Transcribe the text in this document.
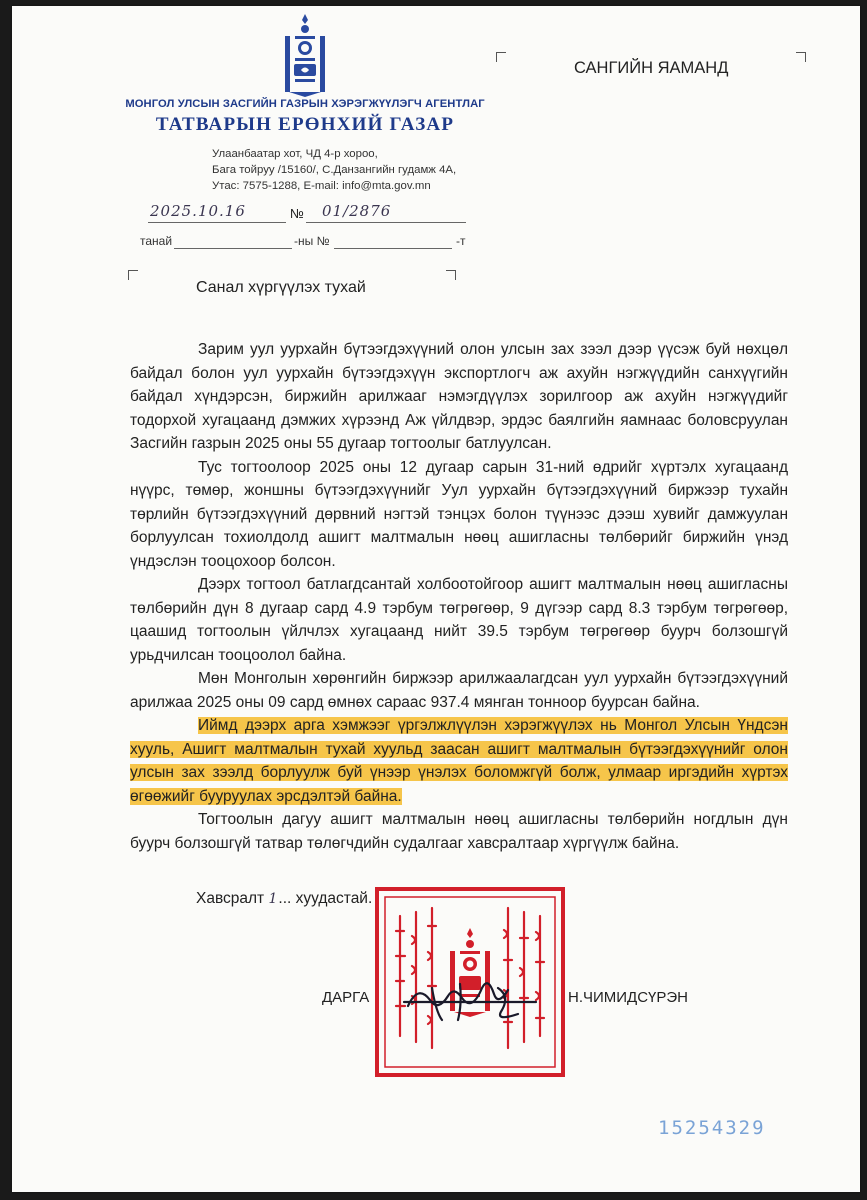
МОНГОЛ УЛСЫН ЗАСГИЙН ГАЗРЫН ХЭРЭГЖҮҮЛЭГЧ АГЕНТЛАГ
ТАТВАРЫН ЕРӨНХИЙ ГАЗАР
Улаанбаатар хот, ЧД 4-р хороо,
Бага тойруу /15160/, С.Данзангийн гудамж 4А,
Утас: 7575-1288, E-mail: info@mta.gov.mn
САНГИЙН ЯАМАНД
2025.10.16	№ 01/2876
танай	-ны №	-т
Санал хүргүүлэх тухай

Зарим уул уурхайн бүтээгдэхүүний олон улсын зах зээл дээр үүсэж буй нөхцөл байдал болон уул уурхайн бүтээгдэхүүн экспортлогч аж ахуйн нэгжүүдийн санхүүгийн байдал хүндэрсэн, биржийн арилжааг нэмэгдүүлэх зорилгоор аж ахуйн нэгжүүдийг тодорхой хугацаанд дэмжих хүрээнд Аж үйлдвэр, эрдэс баялгийн яамнаас боловсруулан Засгийн газрын 2025 оны 55 дугаар тогтоолыг батлуулсан.

Тус тогтоолоор 2025 оны 12 дугаар сарын 31-ний өдрийг хүртэлх хугацаанд нүүрс, төмөр, жоншны бүтээгдэхүүнийг Уул уурхайн бүтээгдэхүүний биржээр тухайн төрлийн бүтээгдэхүүний дөрвний нэгтэй тэнцэх болон түүнээс дээш хувийг дамжуулан борлуулсан тохиолдолд ашигт малтмалын нөөц ашигласны төлбөрийг биржийн үнэд үндэслэн тооцохоор болсон.

Дээрх тогтоол батлагдсантай холбоотойгоор ашигт малтмалын нөөц ашигласны төлбөрийн дүн 8 дугаар сард 4.9 тэрбум төгрөгөөр, 9 дүгээр сард 8.3 тэрбум төгрөгөөр, цаашид тогтоолын үйлчлэх хугацаанд нийт 39.5 тэрбум төгрөгөөр буурч болзошгүй урьдчилсан тооцоолол байна.

Мөн Монголын хөрөнгийн биржээр арилжаалагдсан уул уурхайн бүтээгдэхүүний арилжаа 2025 оны 09 сард өмнөх сараас 937.4 мянган тонноор буурсан байна.

Иймд дээрх арга хэмжээг үргэлжлүүлэн хэрэгжүүлэх нь Монгол Улсын Үндсэн хууль, Ашигт малтмалын тухай хуульд заасан ашигт малтмалын бүтээгдэхүүнийг олон улсын зах зээлд борлуулж буй үнээр үнэлэх боломжгүй болж, улмаар иргэдийн хүртэх өгөөжийг бууруулах эрсдэлтэй байна.

Тогтоолын дагуу ашигт малтмалын нөөц ашигласны төлбөрийн ногдлын дүн буурч болзошгүй татвар төлөгчдийн судалгааг хавсралтаар хүргүүлж байна.

Хавсралт 1... хуудастай.
ДАРГА	Н.ЧИМИДСҮРЭН
15254329
